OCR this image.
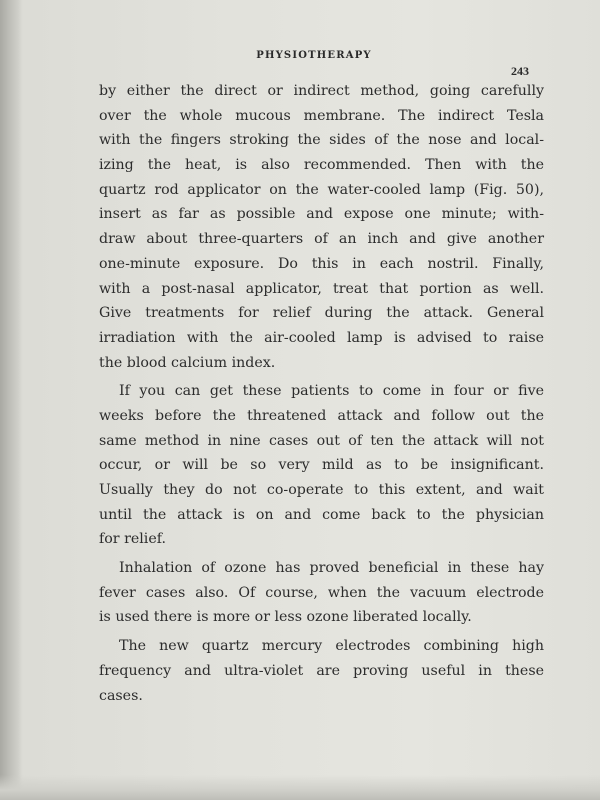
PHYSIOTHERAPY
243
by either the direct or indirect method, going carefully
over the whole mucous membrane. The indirect Tesla
with the fingers stroking the sides of the nose and local-
izing the heat, is also recommended. Then with the
quartz rod applicator on the water-cooled lamp (Fig. 50),
insert as far as possible and expose one minute; with-
draw about three-quarters of an inch and give another
one-minute exposure. Do this in each nostril. Finally,
with a post-nasal applicator, treat that portion as well.
Give treatments for relief during the attack. General
irradiation with the air-cooled lamp is advised to raise
the blood calcium index.
If you can get these patients to come in four or five
weeks before the threatened attack and follow out the
same method in nine cases out of ten the attack will not
occur, or will be so very mild as to be insignificant.
Usually they do not co-operate to this extent, and wait
until the attack is on and come back to the physician
for relief.
Inhalation of ozone has proved beneficial in these hay
fever cases also. Of course, when the vacuum electrode
is used there is more or less ozone liberated locally.
The new quartz mercury electrodes combining high
frequency and ultra-violet are proving useful in these
cases.
